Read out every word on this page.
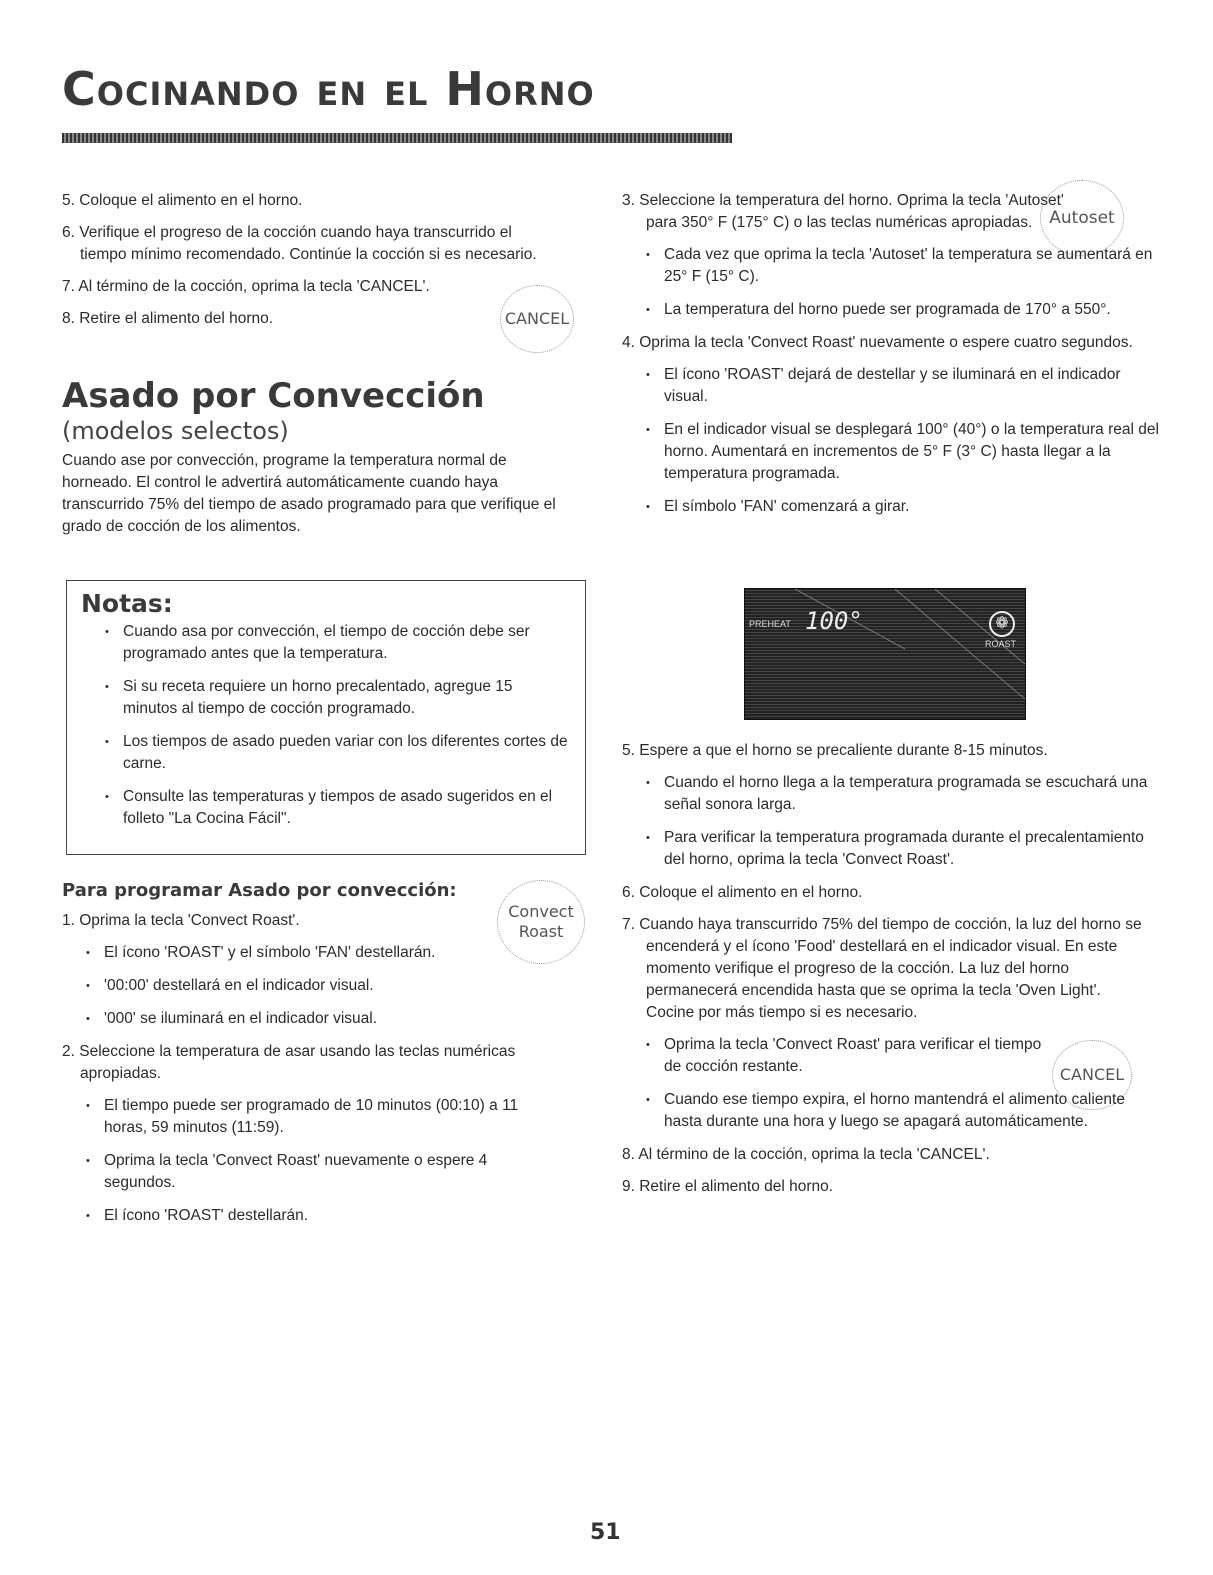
Cocinando en el Horno

5. Coloque el alimento en el horno.

6. Verifique el progreso de la cocción cuando haya transcurrido el tiempo mínimo recomendado. Continúe la cocción si es necesario.

7. Al término de la cocción, oprima la tecla 'CANCEL'.

8. Retire el alimento del horno.

Asado por Convección

(modelos selectos)

Cuando ase por convección, programe la temperatura normal de horneado. El control le advertirá automáticamente cuando haya transcurrido 75% del tiempo de asado programado para que verifique el grado de cocción de los alimentos.

Notas:

• Cuando asa por convección, el tiempo de cocción debe ser programado antes que la temperatura.

• Si su receta requiere un horno precalentado, agregue 15 minutos al tiempo de cocción programado.

• Los tiempos de asado pueden variar con los diferentes cortes de carne.

• Consulte las temperaturas y tiempos de asado sugeridos en el folleto "La Cocina Fácil".

Para programar Asado por convección:

1. Oprima la tecla 'Convect Roast'.

• El ícono 'ROAST' y el símbolo 'FAN' destellarán.

• '00:00' destellará en el indicador visual.

• '000' se iluminará en el indicador visual.

2. Seleccione la temperatura de asar usando las teclas numéricas apropiadas.

• El tiempo puede ser programado de 10 minutos (00:10) a 11 horas, 59 minutos (11:59).

• Oprima la tecla 'Convect Roast' nuevamente o espere 4 segundos.

• El ícono 'ROAST' destellarán.

CANCEL
Autoset
Convect
Roast
CANCEL

3. Seleccione la temperatura del horno. Oprima la tecla 'Autoset' para 350° F (175° C) o las teclas numéricas apropiadas.

• Cada vez que oprima la tecla 'Autoset' la temperatura se aumentará en 25° F (15° C).

• La temperatura del horno puede ser programada de 170° a 550°.

4. Oprima la tecla 'Convect Roast' nuevamente o espere cuatro segundos.

• El ícono 'ROAST' dejará de destellar y se iluminará en el indicador visual.

• En el indicador visual se desplegará 100° (40°) o la temperatura real del horno. Aumentará en incrementos de 5° F (3° C) hasta llegar a la temperatura programada.

• El símbolo 'FAN' comenzará a girar.

PREHEAT 100°	❁
ROAST

5. Espere a que el horno se precaliente durante 8-15 minutos.

• Cuando el horno llega a la temperatura programada se escuchará una señal sonora larga.

• Para verificar la temperatura programada durante el precalentamiento del horno, oprima la tecla 'Convect Roast'.

6. Coloque el alimento en el horno.

7. Cuando haya transcurrido 75% del tiempo de cocción, la luz del horno se encenderá y el ícono 'Food' destellará en el indicador visual. En este momento verifique el progreso de la cocción. La luz del horno permanecerá encendida hasta que se oprima la tecla 'Oven Light'. Cocine por más tiempo si es necesario.

• Oprima la tecla 'Convect Roast' para verificar el tiempo de cocción restante.

• Cuando ese tiempo expira, el horno mantendrá el alimento caliente hasta durante una hora y luego se apagará automáticamente.

8. Al término de la cocción, oprima la tecla 'CANCEL'.

9. Retire el alimento del horno.

51
